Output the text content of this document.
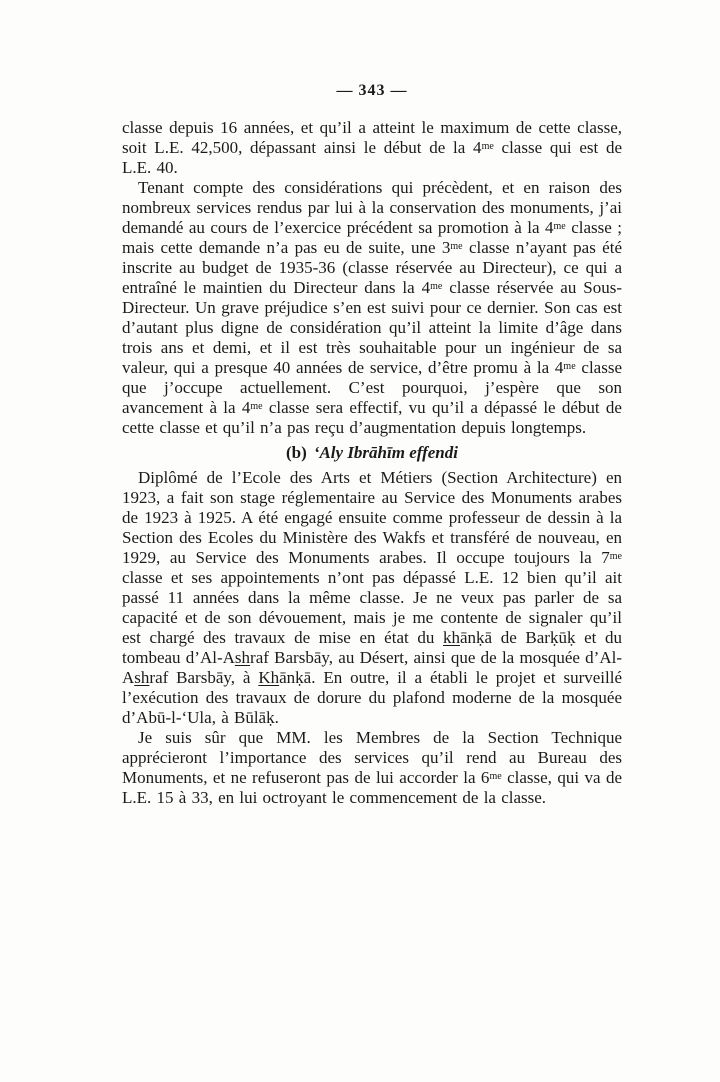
— 343 —

classe depuis 16 années, et qu’il a atteint le maximum de cette classe, soit L.E. 42,500, dépassant ainsi le début de la $4^{me}$ classe qui est de L.E. 40.

Tenant compte des considérations qui précèdent, et en raison des nombreux services rendus par lui à la conservation des monuments, j’ai demandé au cours de l’exercice précédent sa promotion à la $4^{me}$ classe ; mais cette demande n’a pas eu de suite, une $3^{me}$ classe n’ayant pas été inscrite au budget de 1935-36 (classe réservée au Directeur), ce qui a entraîné le maintien du Directeur dans la $4^{me}$ classe réservée au Sous-Directeur. Un grave préjudice s’en est suivi pour ce dernier. Son cas est d’autant plus digne de considération qu’il atteint la limite d’âge dans trois ans et demi, et il est très souhaitable pour un ingénieur de sa valeur, qui a presque 40 années de service, d’être promu à la $4^{me}$ classe que j’occupe actuellement. C’est pourquoi, j’espère que son avancement à la $4^{me}$ classe sera effectif, vu qu’il a dépassé le début de cette classe et qu’il n’a pas reçu d’augmentation depuis longtemps.

(b) ‘Aly Ibrāhīm effendi

Diplômé de l’Ecole des Arts et Métiers (Section Architecture) en 1923, a fait son stage réglementaire au Service des Monuments arabes de 1923 à 1925. A été engagé ensuite comme professeur de dessin à la Section des Ecoles du Ministère des Wakfs et transféré de nouveau, en 1929, au Service des Monuments arabes. Il occupe toujours la $7^{me}$ classe et ses appointements n’ont pas dépassé L.E. 12 bien qu’il ait passé 11 années dans la même classe. Je ne veux pas parler de sa capacité et de son dévouement, mais je me contente de signaler qu’il est chargé des travaux de mise en état du khānḳā de Barḳūḳ et du tombeau d’Al-Ashraf Barsbāy, au Désert, ainsi que de la mosquée d’Al-Ashraf Barsbāy, à Khānḳā. En outre, il a établi le projet et surveillé l’exécution des travaux de dorure du plafond moderne de la mosquée d’Abū-l-‘Ula, à Būlāḳ.

Je suis sûr que MM. les Membres de la Section Technique apprécieront l’importance des services qu’il rend au Bureau des Monuments, et ne refuseront pas de lui accorder la $6^{me}$ classe, qui va de L.E. 15 à 33, en lui octroyant le commencement de la classe.
